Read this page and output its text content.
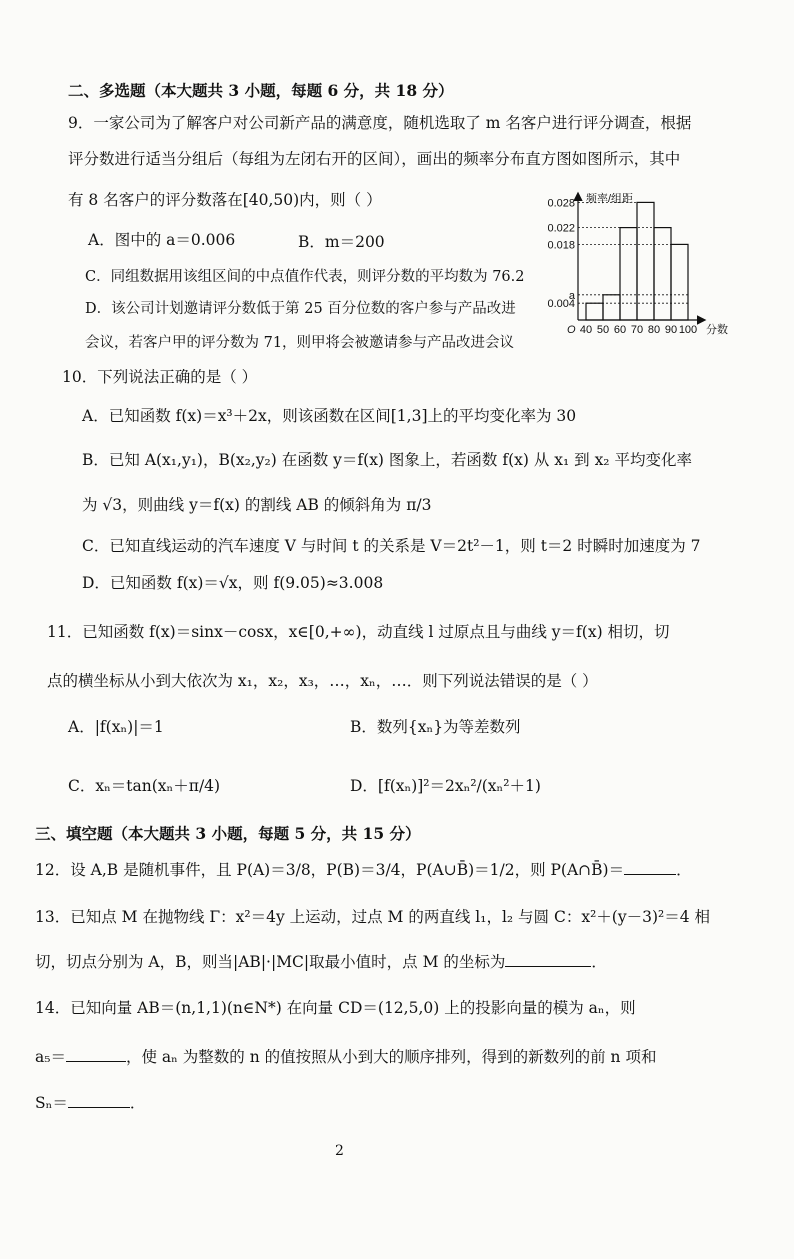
二、多选题（本大题共 3 小题，每题 6 分，共 18 分）
9．一家公司为了解客户对公司新产品的满意度，随机选取了 m 名客户进行评分调查，根据
评分数进行适当分组后（每组为左闭右开的区间），画出的频率分布直方图如图所示，其中
有 8 名客户的评分数落在[40,50)内，则（ ）
A．图中的 a＝0.006	B．m＝200
C．同组数据用该组区间的中点值作代表，则评分数的平均数为 76.2
D．该公司计划邀请评分数低于第 25 百分位数的客户参与产品改进
会议，若客户甲的评分数为 71，则甲将会被邀请参与产品改进会议
a
0.004
0.018
0.022
0.028
40 50 60 70 80 90 100
O
频率/组距
分数
10．下列说法正确的是（ ）
A．已知函数 f(x)＝x³＋2x，则该函数在区间[1,3]上的平均变化率为 30
B．已知 A(x₁,y₁)，B(x₂,y₂) 在函数 y＝f(x) 图象上，若函数 f(x) 从 x₁ 到 x₂ 平均变化率
为 √3，则曲线 y＝f(x) 的割线 AB 的倾斜角为 π/3
C．已知直线运动的汽车速度 V 与时间 t 的关系是 V＝2t²－1，则 t＝2 时瞬时加速度为 7
D．已知函数 f(x)＝√x，则 f(9.05)≈3.008
11．已知函数 f(x)＝sinx－cosx，x∈[0,+∞)，动直线 l 过原点且与曲线 y＝f(x) 相切，切
点的横坐标从小到大依次为 x₁，x₂，x₃，…，xₙ，…．则下列说法错误的是（ ）
A．|f(xₙ)|＝1	B．数列{xₙ}为等差数列
C．xₙ＝tan(xₙ＋π/4)	D．[f(xₙ)]²＝2xₙ²/(xₙ²＋1)
三、填空题（本大题共 3 小题，每题 5 分，共 15 分）
12．设 A,B 是随机事件，且 P(A)＝3/8，P(B)＝3/4，P(A∪B̄)＝1/2，则 P(A∩B̄)＝	．
13．已知点 M 在抛物线 Γ：x²＝4y 上运动，过点 M 的两直线 l₁，l₂ 与圆 C：x²＋(y－3)²＝4 相
切，切点分别为 A，B，则当|AB|·|MC|取最小值时，点 M 的坐标为	．
14．已知向量 AB＝(n,1,1)(n∈N*) 在向量 CD＝(12,5,0) 上的投影向量的模为 aₙ，则
a₅＝	，使 aₙ 为整数的 n 的值按照从小到大的顺序排列，得到的新数列的前 n 项和
Sₙ＝	．
2
